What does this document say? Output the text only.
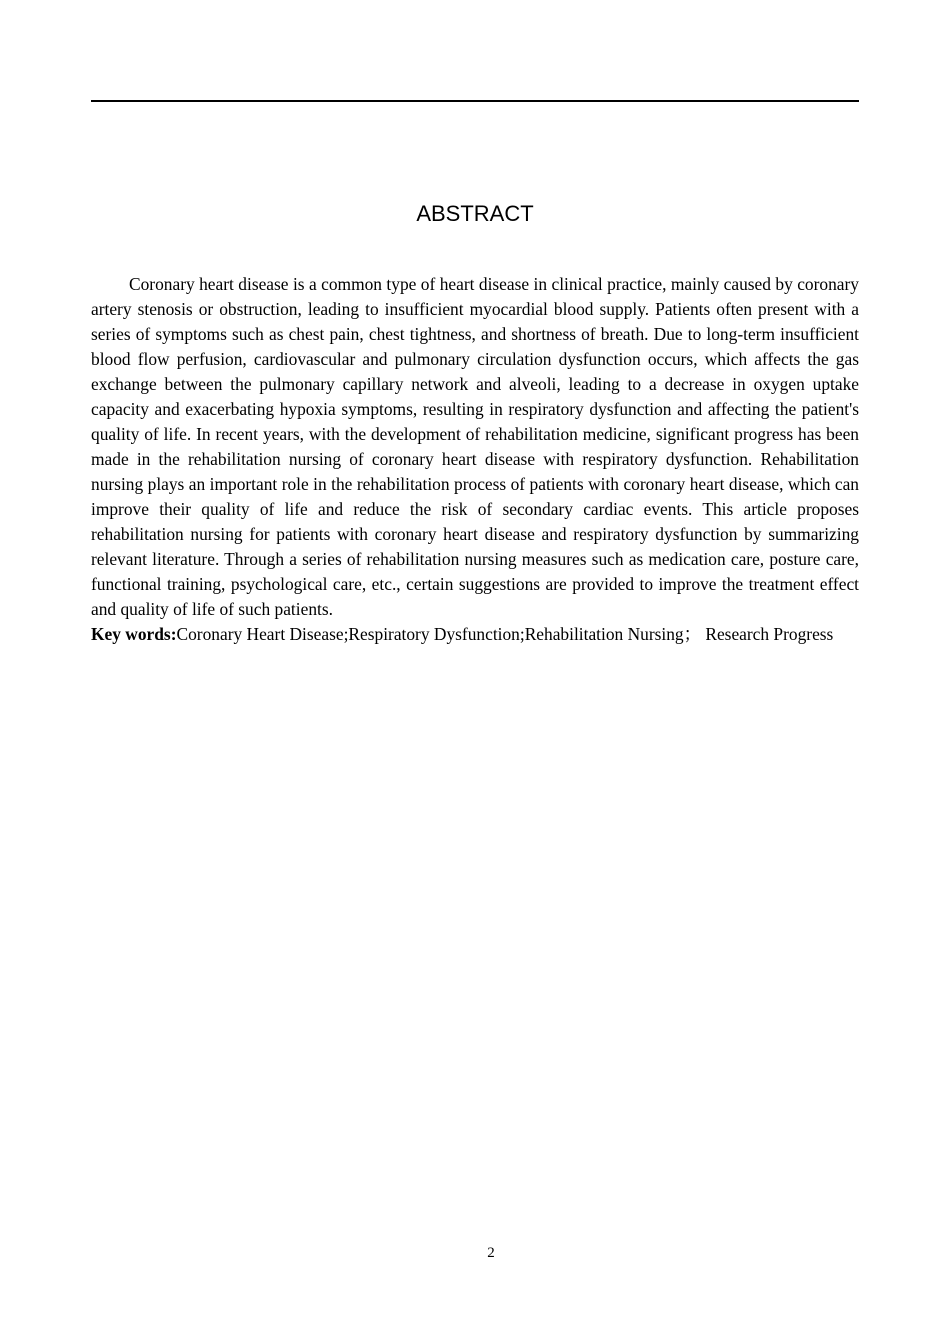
ABSTRACT

Coronary heart disease is a common type of heart disease in clinical practice, mainly caused by coronary artery stenosis or obstruction, leading to insufficient myocardial blood supply. Patients often present with a series of symptoms such as chest pain, chest tightness, and shortness of breath. Due to long-term insufficient blood flow perfusion, cardiovascular and pulmonary circulation dysfunction occurs, which affects the gas exchange between the pulmonary capillary network and alveoli, leading to a decrease in oxygen uptake capacity and exacerbating hypoxia symptoms, resulting in respiratory dysfunction and affecting the patient's quality of life. In recent years, with the development of rehabilitation medicine, significant progress has been made in the rehabilitation nursing of coronary heart disease with respiratory dysfunction. Rehabilitation nursing plays an important role in the rehabilitation process of patients with coronary heart disease, which can improve their quality of life and reduce the risk of secondary cardiac events. This article proposes rehabilitation nursing for patients with coronary heart disease and respiratory dysfunction by summarizing relevant literature. Through a series of rehabilitation nursing measures such as medication care, posture care, functional training, psychological care, etc., certain suggestions are provided to improve the treatment effect and quality of life of such patients.

Key words:Coronary Heart Disease;Respiratory Dysfunction;Rehabilitation Nursing； Research Progress

2
